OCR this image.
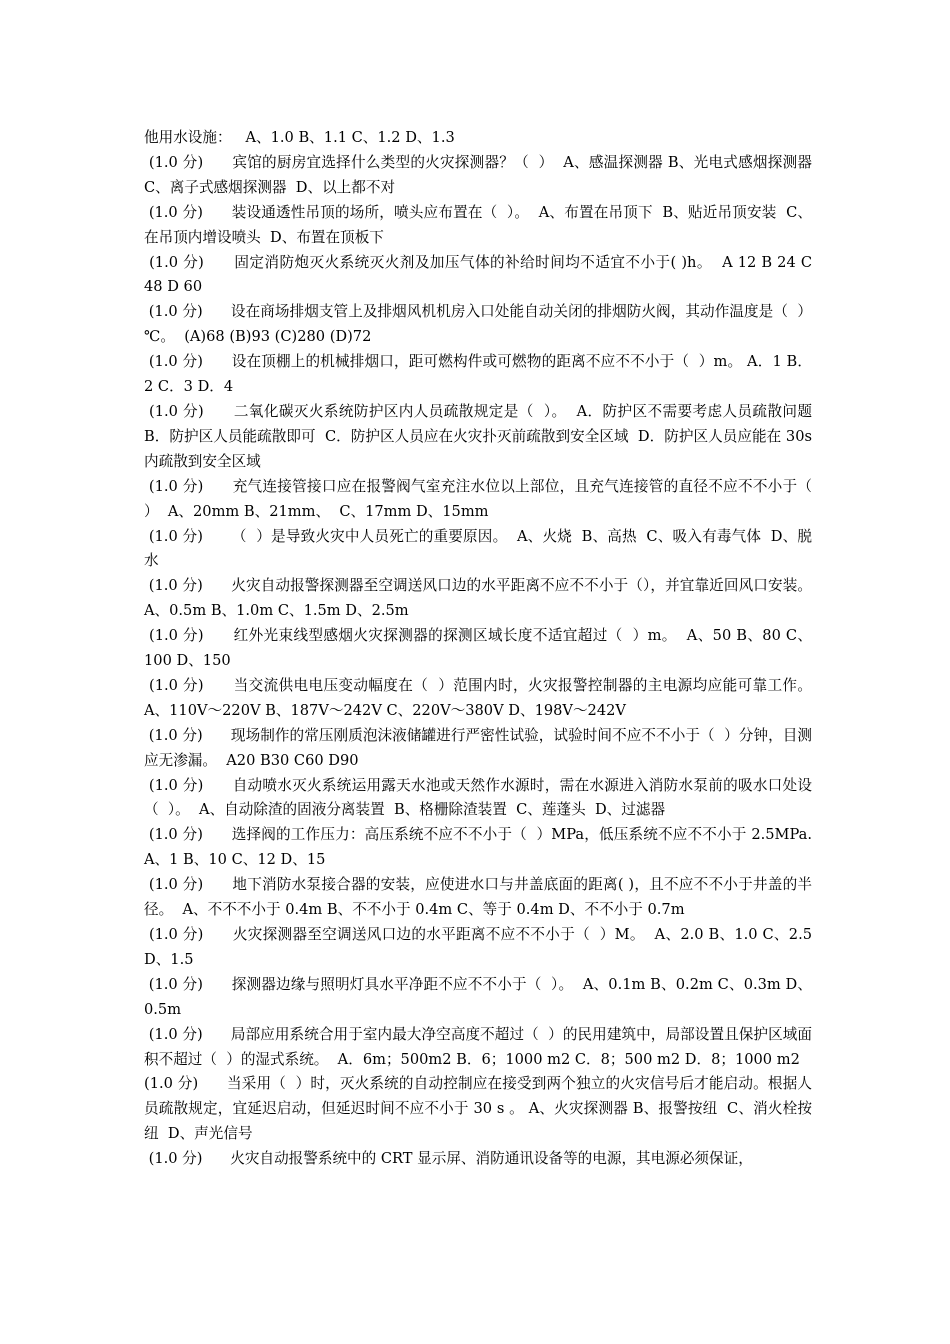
他用水设施：   A、1.0 B、1.1 C、1.2 D、1.3

(1.0 分)      宾馆的厨房宜选择什么类型的火灾探测器？（  ）  A、感温探测器 B、光电式感烟探测器 C、离子式感烟探测器  D、以上都不对

(1.0 分)      装设通透性吊顶的场所，喷头应布置在（  ）。  A、布置在吊顶下  B、贴近吊顶安装  C、在吊顶内增设喷头  D、布置在顶板下

(1.0 分)      固定消防炮灭火系统灭火剂及加压气体的补给时间均不适宜不小于( )h。  A 12 B 24 C 48 D 60

(1.0 分)      设在商场排烟支管上及排烟风机机房入口处能自动关闭的排烟防火阀，其动作温度是（  ）℃。  (A)68 (B)93 (C)280 (D)72

(1.0 分)      设在顶棚上的机械排烟口，距可燃构件或可燃物的距离不应不不小于（  ）m。 A．1 B．2 C．3 D．4

(1.0 分)      二氧化碳灭火系统防护区内人员疏散规定是（  ）。  A．防护区不需要考虑人员疏散问题  B．防护区人员能疏散即可  C．防护区人员应在火灾扑灭前疏散到安全区域  D．防护区人员应能在 30s 内疏散到安全区域

(1.0 分)      充气连接管接口应在报警阀气室充注水位以上部位，且充气连接管的直径不应不不小于（  ）  A、20mm B、21mm、  C、17mm D、15mm

(1.0 分)      （  ）是导致火灾中人员死亡的重要原因。  A、火烧  B、高热  C、吸入有毒气体  D、脱水

(1.0 分)      火灾自动报警探测器至空调送风口边的水平距离不应不不小于（），并宜靠近回风口安装。  A、0.5m B、1.0m C、1.5m D、2.5m

(1.0 分)      红外光束线型感烟火灾探测器的探测区域长度不适宜超过（  ）m。  A、50 B、80 C、100 D、150

(1.0 分)      当交流供电电压变动幅度在（  ）范围内时，火灾报警控制器的主电源均应能可靠工作。  A、110V～220V B、187V～242V C、220V～380V D、198V～242V

(1.0 分)      现场制作的常压刚质泡沫液储罐进行严密性试验，试验时间不应不不小于（  ）分钟，目测应无渗漏。  A20 B30 C60 D90

(1.0 分)      自动喷水灭火系统运用露天水池或天然作水源时，需在水源进入消防水泵前的吸水口处设（  ）。  A、自动除渣的固液分离装置  B、格栅除渣装置  C、莲蓬头  D、过滤器

(1.0 分)      选择阀的工作压力：高压系统不应不不小于（  ）MPa，低压系统不应不不小于 2.5MPa. A、1 B、10 C、12 D、15

(1.0 分)      地下消防水泵接合器的安装，应使进水口与井盖底面的距离( )，且不应不不小于井盖的半径。  A、不不不小于 0.4m B、不不小于 0.4m C、等于 0.4m D、不不小于 0.7m

(1.0 分)      火灾探测器至空调送风口边的水平距离不应不不小于（  ）M。  A、2.0 B、1.0 C、2.5 D、1.5

(1.0 分)      探测器边缘与照明灯具水平净距不应不不小于（  ）。  A、0.1m B、0.2m C、0.3m D、0.5m

(1.0 分)      局部应用系统合用于室内最大净空高度不超过（  ）的民用建筑中，局部设置且保护区域面积不超过（  ）的湿式系统。  A．6m；500m2 B．6；1000 m2 C．8；500 m2 D．8；1000 m2

(1.0 分)      当采用（  ）时，灭火系统的自动控制应在接受到两个独立的火灾信号后才能启动。根据人员疏散规定，宜延迟启动，但延迟时间不应不小于 30 s 。 A、火灾探测器 B、报警按纽  C、消火栓按纽  D、声光信号

(1.0 分)      火灾自动报警系统中的 CRT 显示屏、消防通讯设备等的电源，其电源必须保证，
